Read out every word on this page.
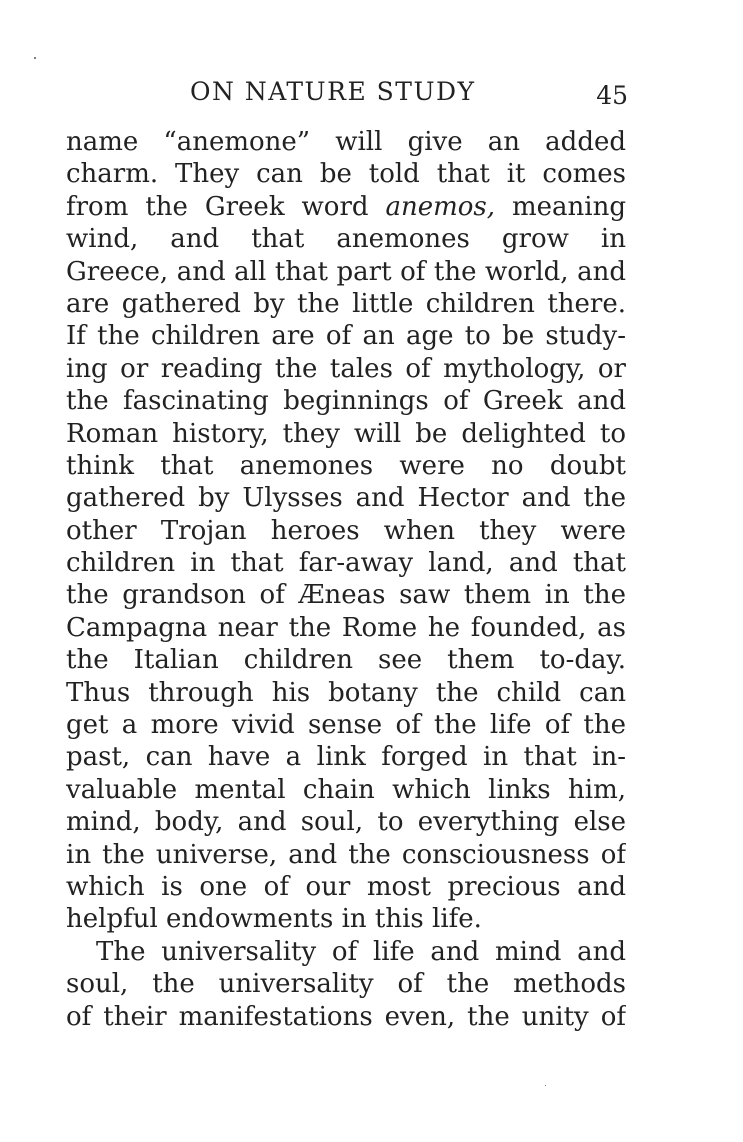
ON NATURE STUDY	45
name “anemone” will give an added
charm. They can be told that it comes
from the Greek word anemos, meaning
wind, and that anemones grow in
Greece, and all that part of the world, and
are gathered by the little children there.
If the children are of an age to be study-
ing or reading the tales of mythology, or
the fascinating beginnings of Greek and
Roman history, they will be delighted to
think that anemones were no doubt
gathered by Ulysses and Hector and the
other Trojan heroes when they were
children in that far-away land, and that
the grandson of Æneas saw them in the
Campagna near the Rome he founded, as
the Italian children see them to-day.
Thus through his botany the child can
get a more vivid sense of the life of the
past, can have a link forged in that in-
valuable mental chain which links him,
mind, body, and soul, to everything else
in the universe, and the consciousness of
which is one of our most precious and
helpful endowments in this life.
The universality of life and mind and
soul, the universality of the methods
of their manifestations even, the unity of
